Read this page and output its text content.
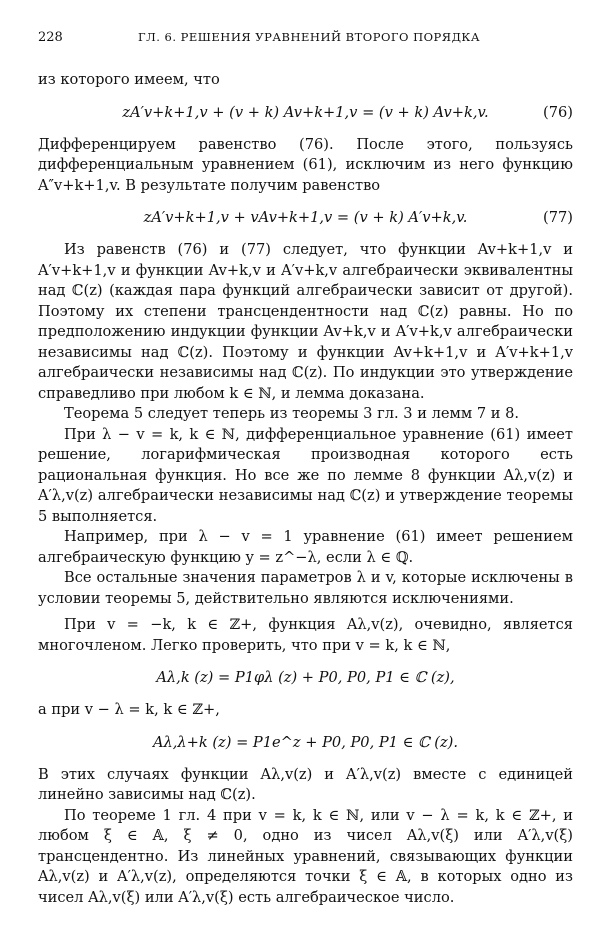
228	ГЛ. 6. РЕШЕНИЯ УРАВНЕНИЙ ВТОРОГО ПОРЯДКА

из которого имеем, что

zA′v+k+1,v + (v + k) Av+k+1,v = (v + k) Av+k,v.	(76)

Дифференцируем равенство (76). После этого, пользуясь дифференциальным уравнением (61), исключим из него функцию A″v+k+1,v. В результате получим равенство

zA′v+k+1,v + vAv+k+1,v = (v + k) A′v+k,v.	(77)

Из равенств (76) и (77) следует, что функции Av+k+1,v и A′v+k+1,v и функции Av+k,v и A′v+k,v алгебраически эквивалентны над ℂ(z) (каждая пара функций алгебраически зависит от другой). Поэтому их степени трансцендентности над ℂ(z) равны. Но по предположению индукции функции Av+k,v и A′v+k,v алгебраически независимы над ℂ(z). Поэтому и функции Av+k+1,v и A′v+k+1,v алгебраически независимы над ℂ(z). По индукции это утверждение справедливо при любом k ∈ ℕ, и лемма доказана.

Теорема 5 следует теперь из теоремы 3 гл. 3 и лемм 7 и 8.

При λ − v = k, k ∈ ℕ, дифференциальное уравнение (61) имеет решение, логарифмическая производная которого есть рациональная функция. Но все же по лемме 8 функции Aλ,v(z) и A′λ,v(z) алгебраически независимы над ℂ(z) и утверждение теоремы 5 выполняется.

Например, при λ − v = 1 уравнение (61) имеет решением алгебраическую функцию y = z^−λ, если λ ∈ ℚ.

Все остальные значения параметров λ и v, которые исключены в условии теоремы 5, действительно являются исключениями.

При v = −k, k ∈ ℤ+, функция Aλ,v(z), очевидно, является многочленом. Легко проверить, что при v = k, k ∈ ℕ,

Aλ,k (z) = P1φλ (z) + P0, P0, P1 ∈ ℂ (z),

а при v − λ = k, k ∈ ℤ+,

Aλ,λ+k (z) = P1e^z + P0, P0, P1 ∈ ℂ (z).

В этих случаях функции Aλ,v(z) и A′λ,v(z) вместе с единицей линейно зависимы над ℂ(z).

По теореме 1 гл. 4 при v = k, k ∈ ℕ, или v − λ = k, k ∈ ℤ+, и любом ξ ∈ 𝔸, ξ ≠ 0, одно из чисел Aλ,v(ξ) или A′λ,v(ξ) трансцендентно. Из линейных уравнений, связывающих функции Aλ,v(z) и A′λ,v(z), определяются точки ξ ∈ 𝔸, в которых одно из чисел Aλ,v(ξ) или A′λ,v(ξ) есть алгебраическое число.
